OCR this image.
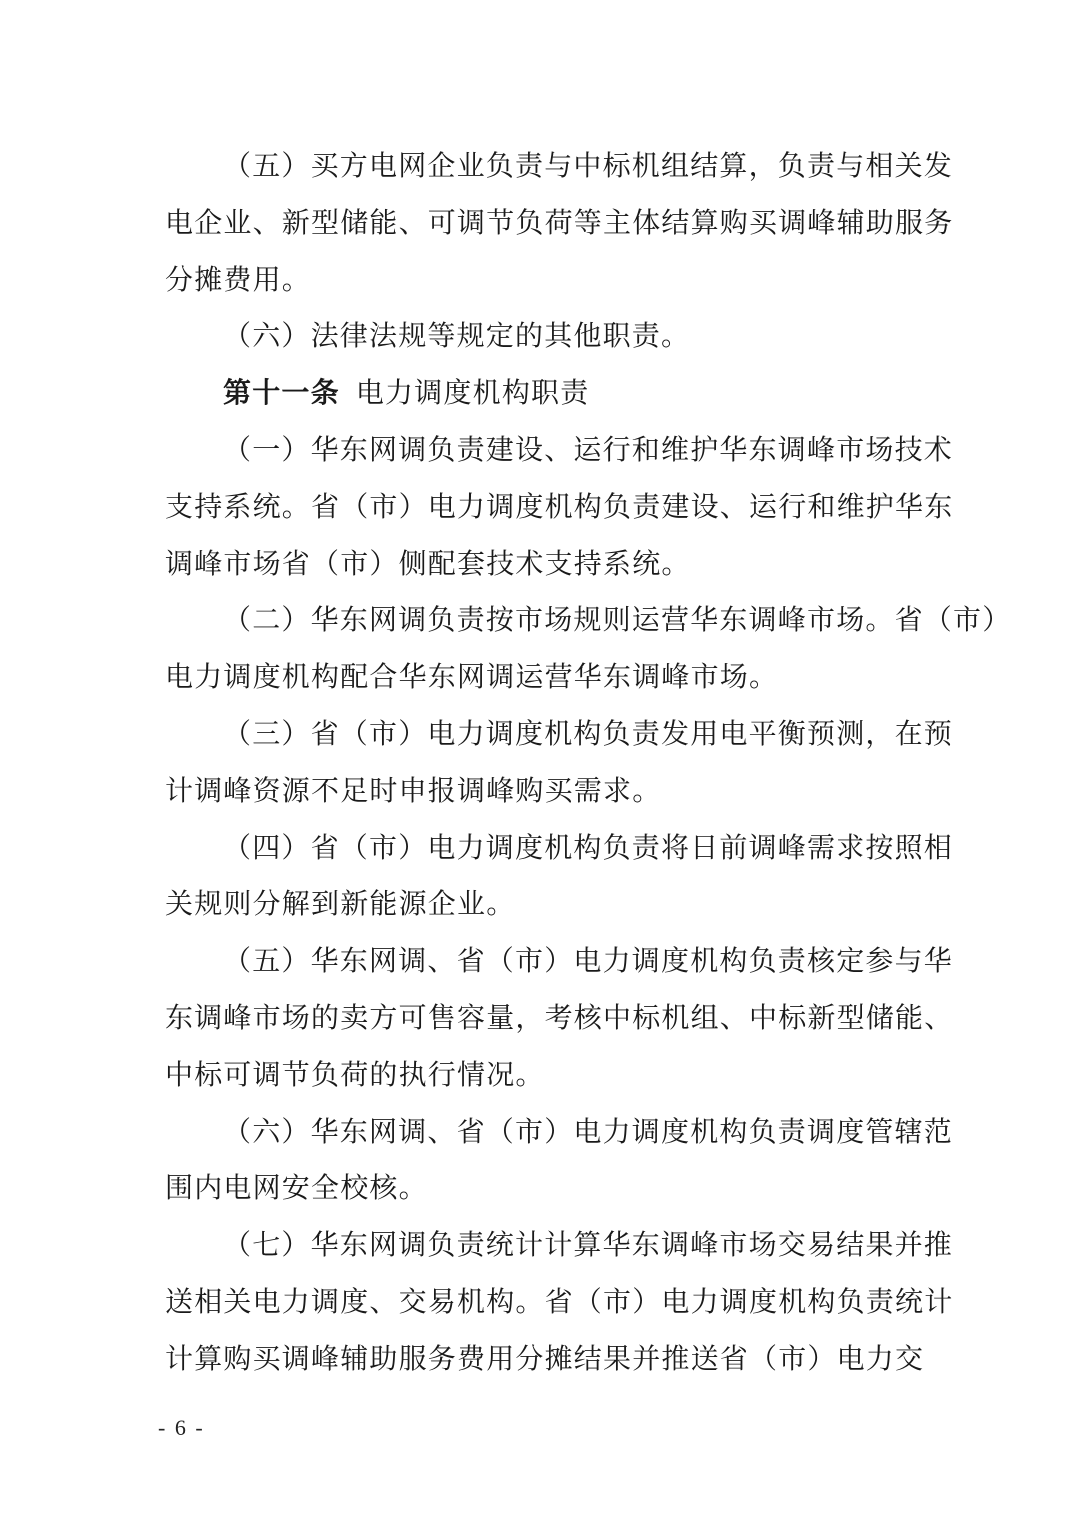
（五）买方电网企业负责与中标机组结算，负责与相关发
电企业、新型储能、可调节负荷等主体结算购买调峰辅助服务
分摊费用。
（六）法律法规等规定的其他职责。
第十一条 电力调度机构职责
（一）华东网调负责建设、运行和维护华东调峰市场技术
支持系统。省（市）电力调度机构负责建设、运行和维护华东
调峰市场省（市）侧配套技术支持系统。
（二）华东网调负责按市场规则运营华东调峰市场。省（市）
电力调度机构配合华东网调运营华东调峰市场。
（三）省（市）电力调度机构负责发用电平衡预测，在预
计调峰资源不足时申报调峰购买需求。
（四）省（市）电力调度机构负责将日前调峰需求按照相
关规则分解到新能源企业。
（五）华东网调、省（市）电力调度机构负责核定参与华
东调峰市场的卖方可售容量，考核中标机组、中标新型储能、
中标可调节负荷的执行情况。
（六）华东网调、省（市）电力调度机构负责调度管辖范
围内电网安全校核。
（七）华东网调负责统计计算华东调峰市场交易结果并推
送相关电力调度、交易机构。省（市）电力调度机构负责统计
计算购买调峰辅助服务费用分摊结果并推送省（市）电力交
- 6 -
